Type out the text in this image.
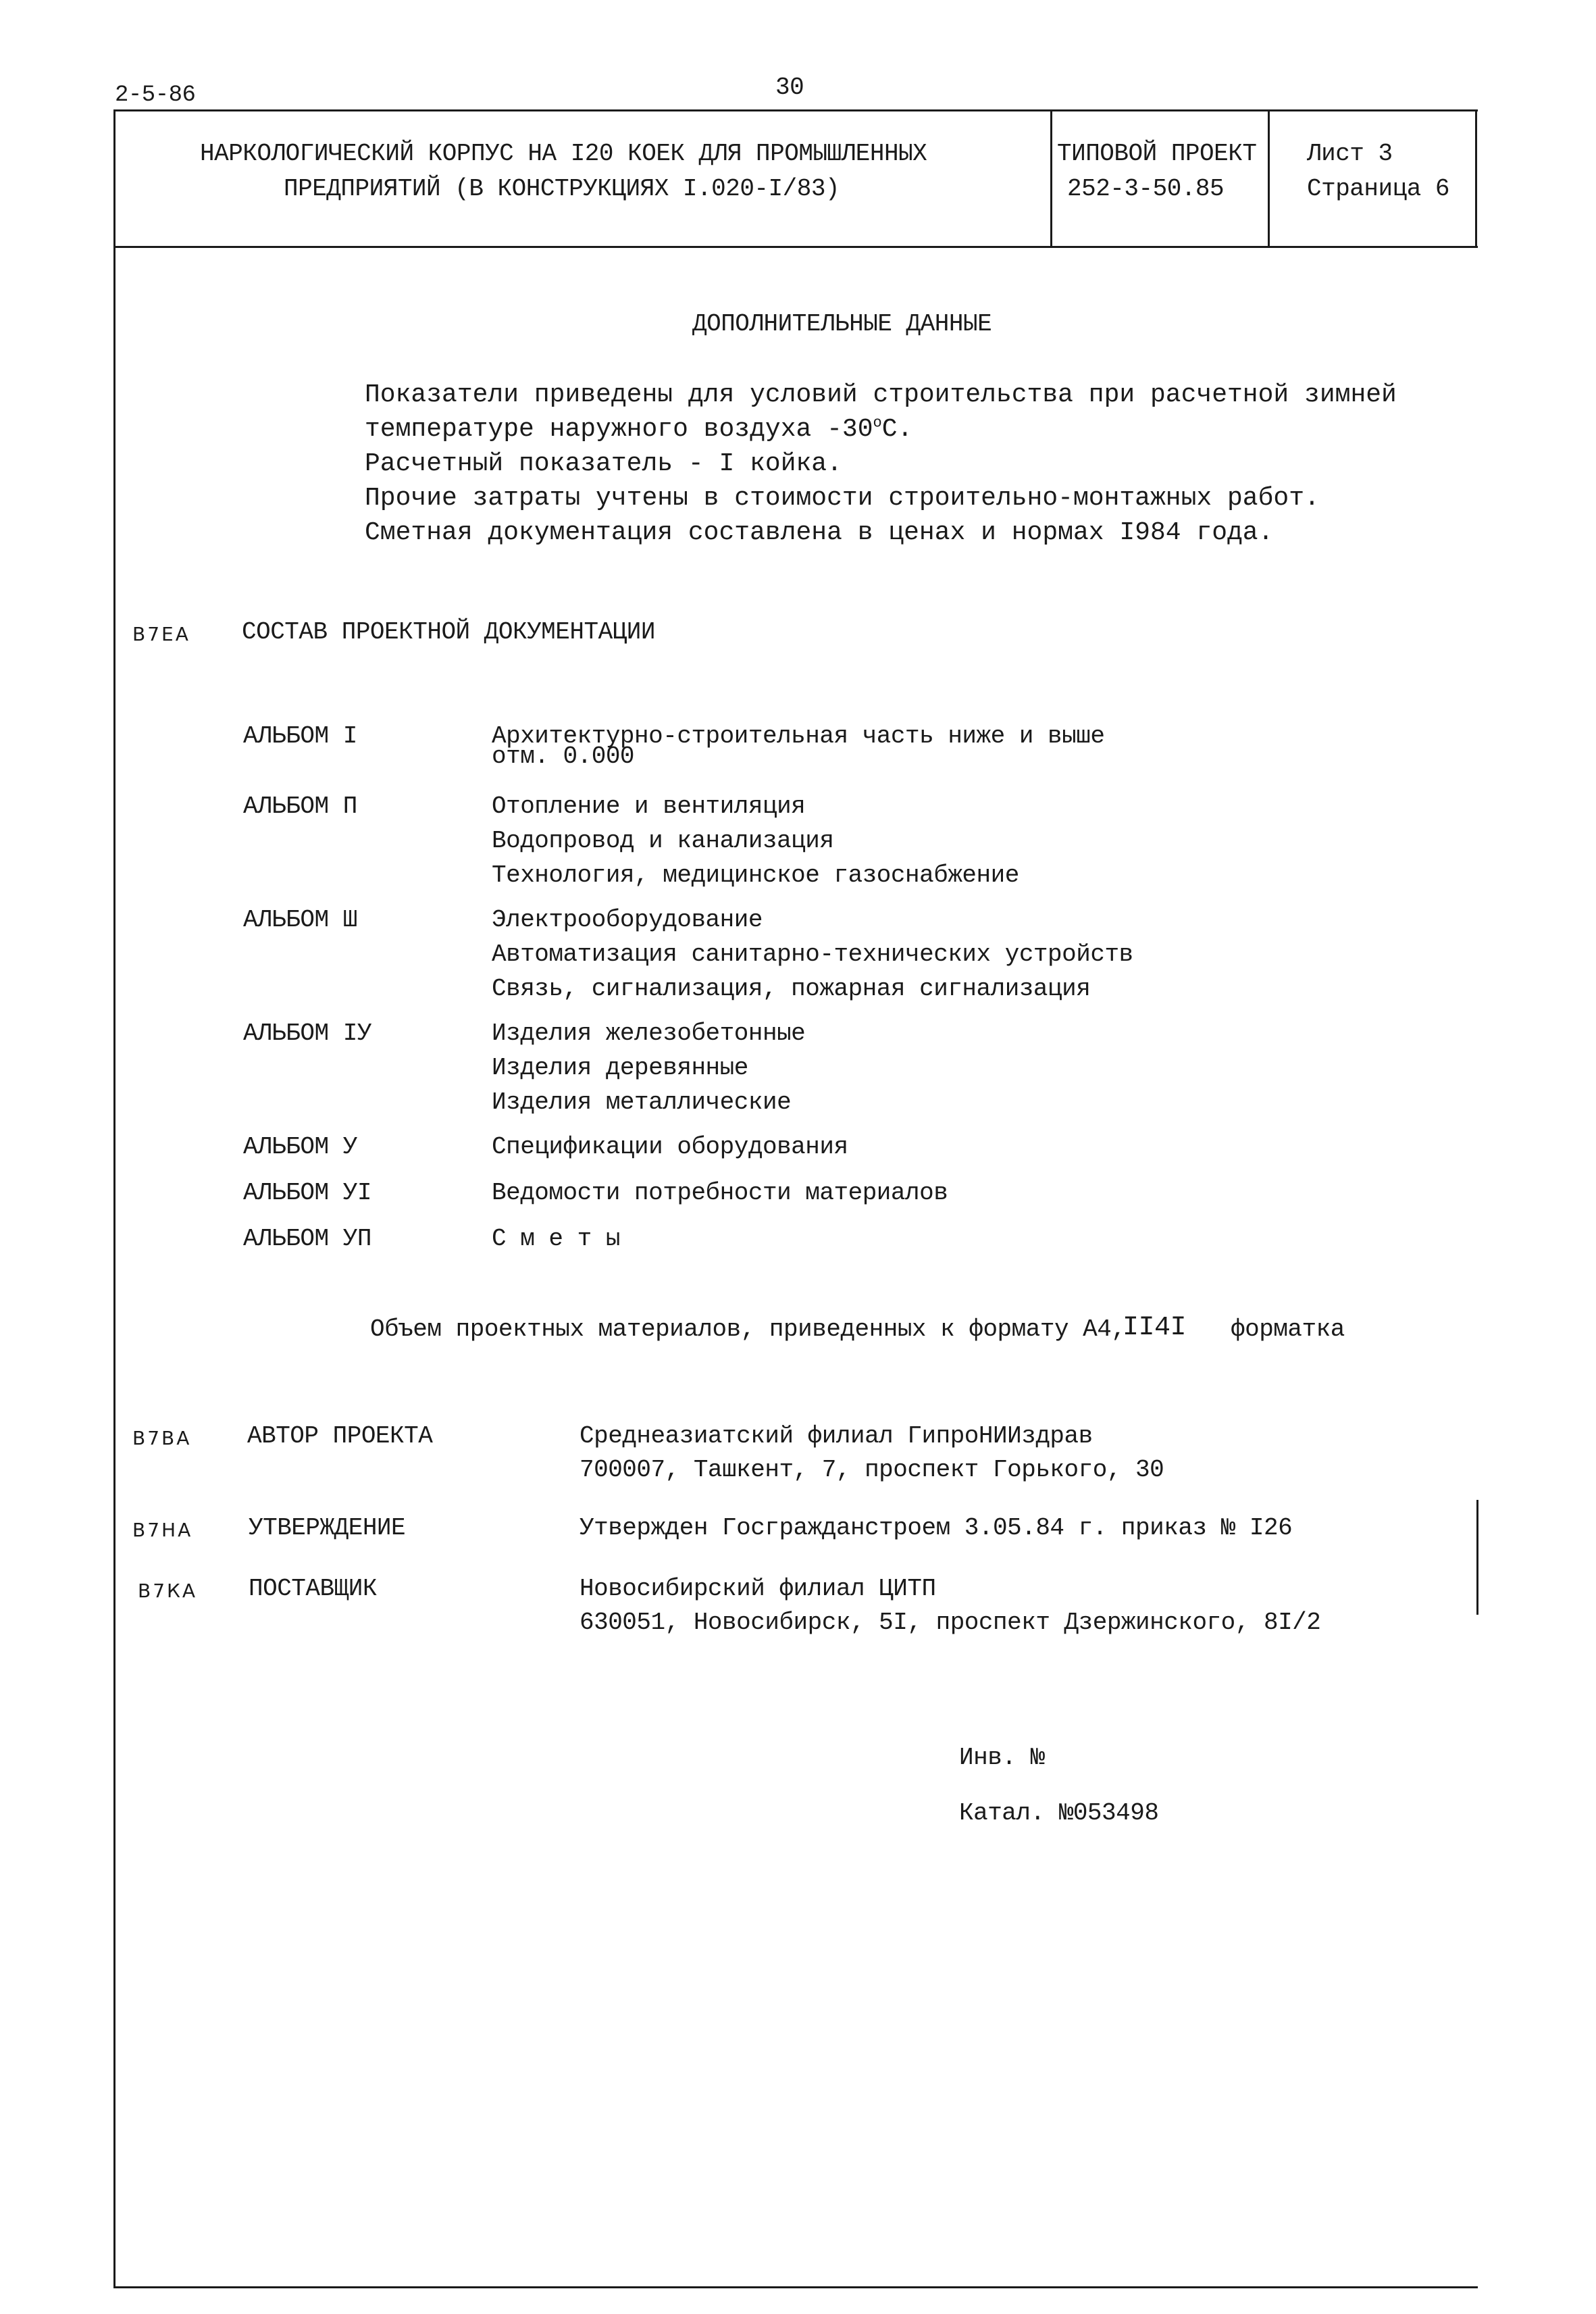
2-5-86	30
НАРКОЛОГИЧЕСКИЙ КОРПУС НА I20 КОЕК ДЛЯ ПРОМЫШЛЕННЫХ
ПРЕДПРИЯТИЙ (В КОНСТРУКЦИЯХ I.020-I/83)
ТИПОВОЙ ПРОЕКТ
252-3-50.85
Лист 3
Страница 6
ДОПОЛНИТЕЛЬНЫЕ ДАННЫЕ
Показатели приведены для условий строительства при расчетной зимней
температуре наружного воздуха -30$^o$С.
Расчетный показатель - I койка.
Прочие затраты учтены в стоимости строительно-монтажных работ.
Сметная документация составлена в ценах и нормах I984 года.
В7ЕА СОСТАВ ПРОЕКТНОЙ ДОКУМЕНТАЦИИ
АЛЬБОМ I	Архитектурно-строительная часть ниже и выше
отм. 0.000
АЛЬБОМ П	Отопление и вентиляция
Водопровод и канализация
Технология, медицинское газоснабжение
АЛЬБОМ Ш	Электрооборудование
Автоматизация санитарно-технических устройств
Связь, сигнализация, пожарная сигнализация
АЛЬБОМ IУ	Изделия железобетонные
Изделия деревянные
Изделия металлические
АЛЬБОМ У	Спецификации оборудования
АЛЬБОМ УI	Ведомости потребности материалов
АЛЬБОМ УП	С м е т ы
Объем проектных материалов, приведенных к формату А4,
II4I форматка
В7ВА АВТОР ПРОЕКТА	Среднеазиатский филиал ГипроНИИздрав
700007, Ташкент, 7, проспект Горького, 30
В7НА УТВЕРЖДЕНИЕ	Утвержден Госгражданстроем 3.05.84 г. приказ № I26
В7КА ПОСТАВЩИК	Новосибирский филиал ЦИТП
630051, Новосибирск, 5I, проспект Дзержинского, 8I/2
Инв. №
Катал. №053498
